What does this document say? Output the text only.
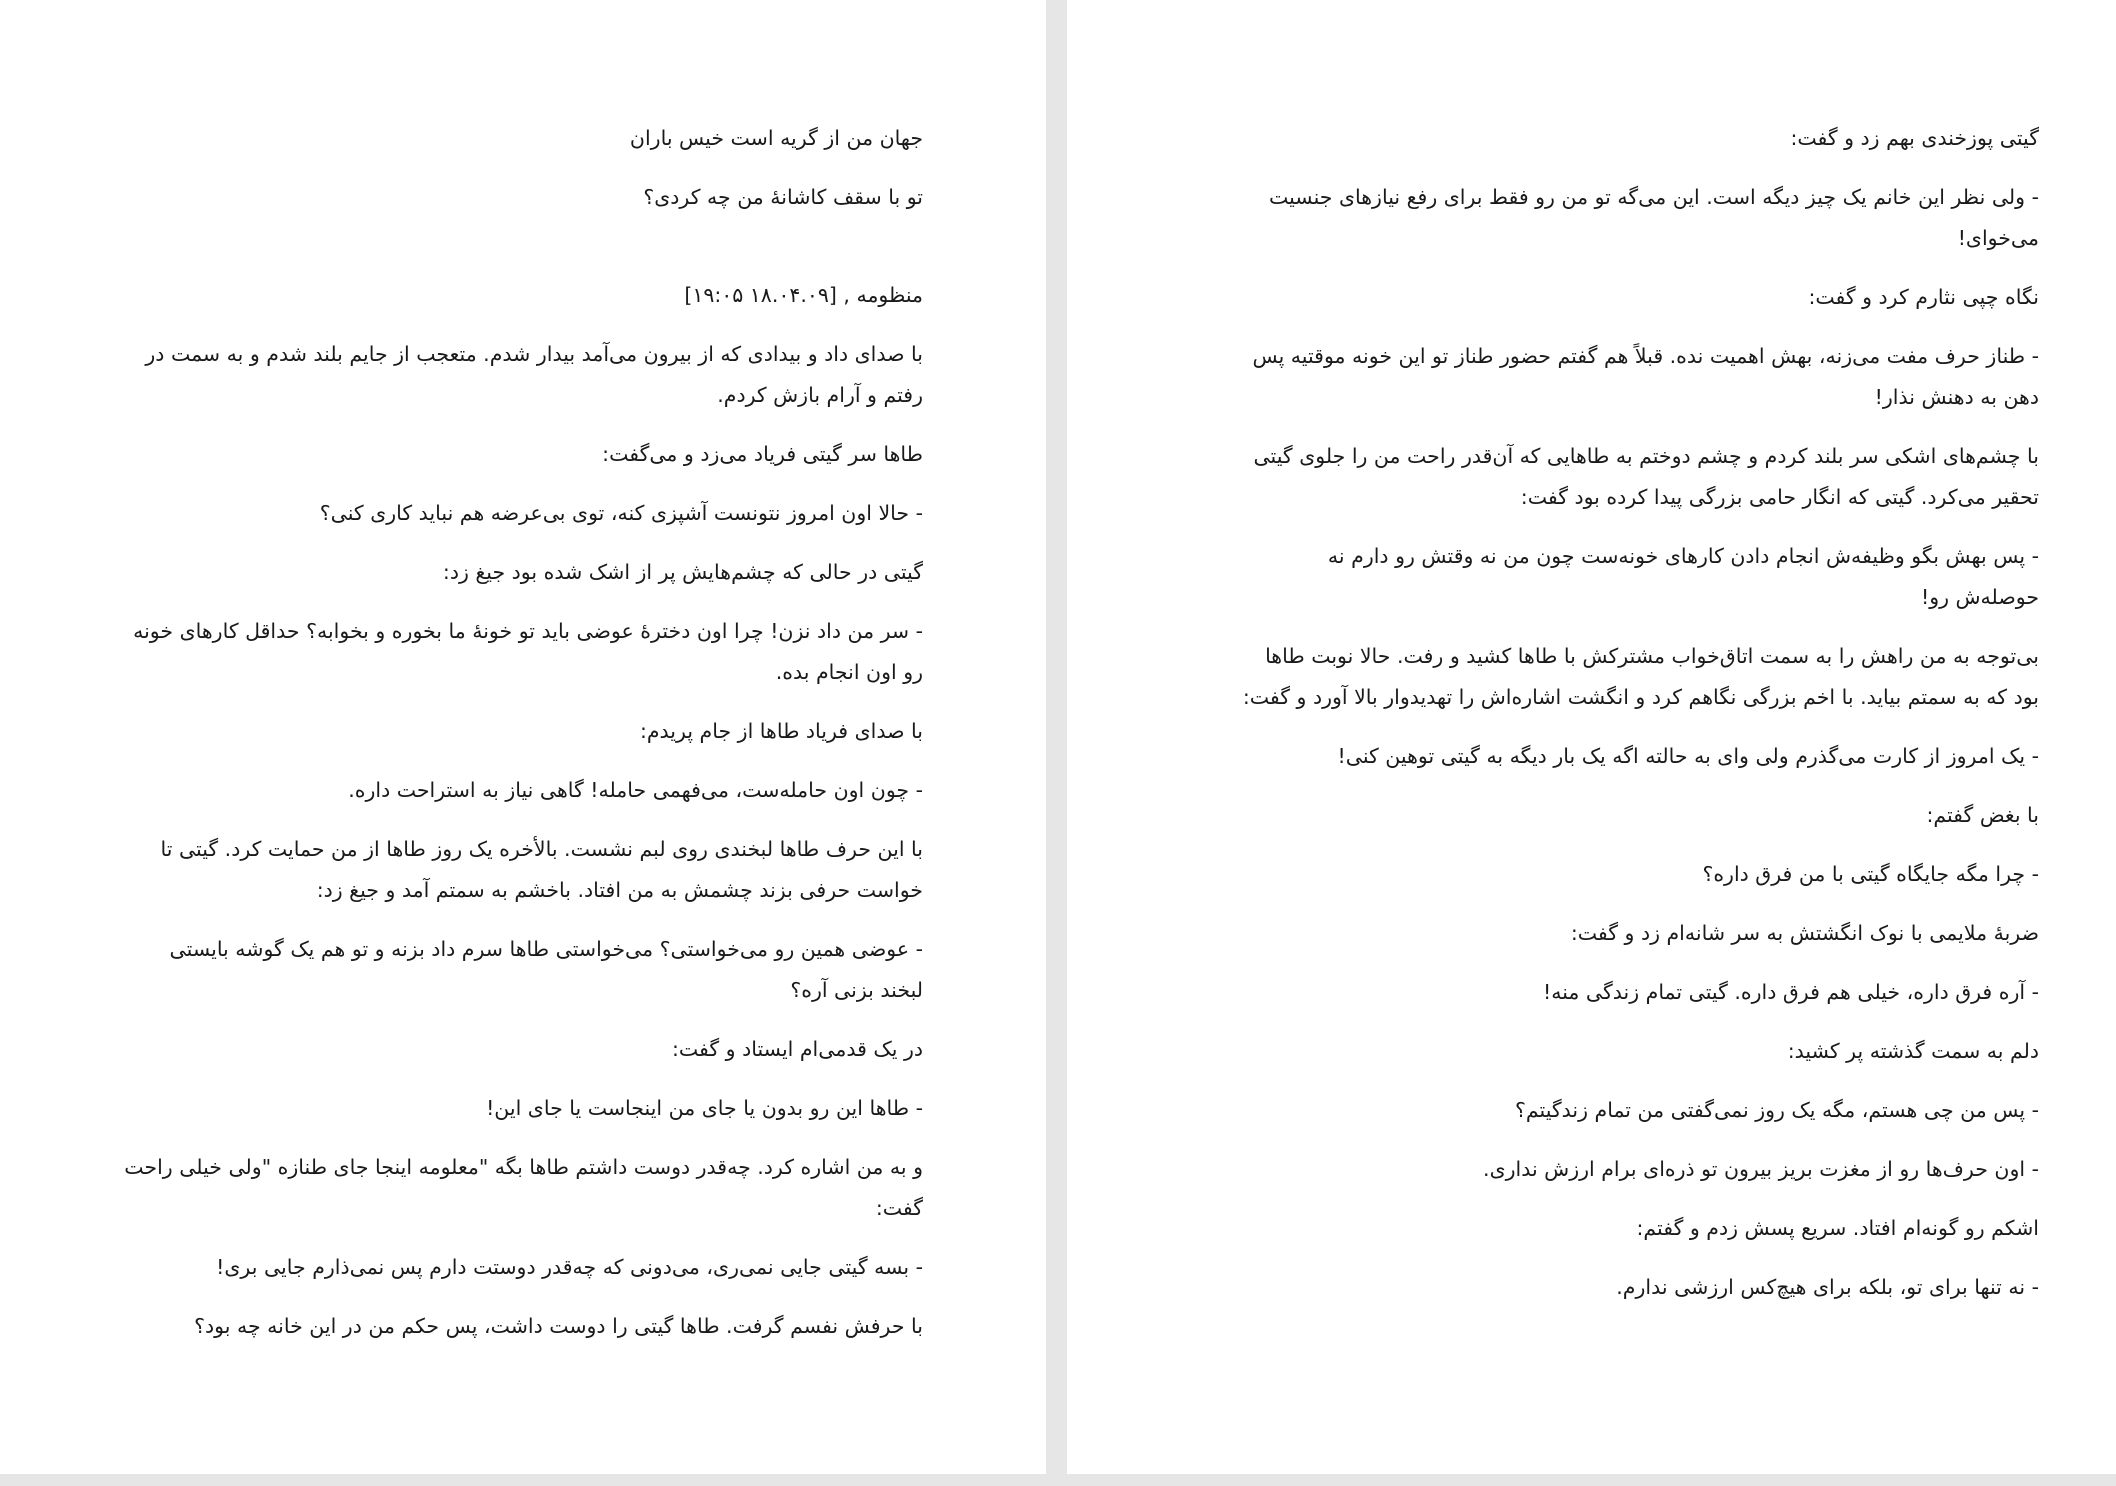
جهان من از گریه است خیس باران

تو با سقف کاشانهٔ من چه کردی؟

منظومه , [۱۸.۰۴.۰۹ ۱۹:۰۵]

با صدای داد و بیدادی که از بیرون می‌آمد بیدار شدم. متعجب از جایم بلند شدم و به سمت در رفتم و آرام بازش کردم.

طاها سر گیتی فریاد می‌زد و می‌گفت:

- حالا اون امروز نتونست آشپزی کنه، توی بی‌عرضه هم نباید کاری کنی؟

گیتی در حالی که چشم‌هایش پر از اشک شده بود جیغ زد:

- سر من داد نزن! چرا اون دخترهٔ عوضی باید تو خونهٔ ما بخوره و بخوابه؟ حداقل کارهای خونه رو اون انجام بده.

با صدای فریاد طاها از جام پریدم:

- چون اون حامله‌ست، می‌فهمی حامله! گاهی نیاز به استراحت داره.

با این حرف طاها لبخندی روی لبم نشست. بالأخره یک روز طاها از من حمایت کرد. گیتی تا خواست حرفی بزند چشمش به من افتاد. باخشم به سمتم آمد و جیغ زد:

- عوضی همین رو می‌خواستی؟ می‌خواستی طاها سرم داد بزنه و تو هم یک گوشه بایستی لبخند بزنی آره؟

در یک قدمی‌ام ایستاد و گفت:

- طاها این رو بدون یا جای من اینجاست یا جای این!

و به من اشاره کرد. چه‌قدر دوست داشتم طاها بگه "معلومه اینجا جای طنازه "ولی خیلی راحت گفت:

- بسه گیتی جایی نمی‌ری، می‌دونی که چه‌قدر دوستت دارم پس نمی‌ذارم جایی بری!

با حرفش نفسم گرفت. طاها گیتی را دوست داشت، پس حکم من در این خانه چه بود؟

گیتی پوزخندی بهم زد و گفت:

- ولی نظر این خانم یک چیز دیگه است. این می‌گه تو من رو فقط برای رفع نیازهای جنسیت می‌خوای!

نگاه چپی نثارم کرد و گفت:

- طناز حرف مفت می‌زنه، بهش اهمیت نده. قبلاً هم گفتم حضور طناز تو این خونه موقتیه پس دهن به دهنش نذار!

با چشم‌های اشکی سر بلند کردم و چشم دوختم به طاهایی که آن‌قدر راحت من را جلوی گیتی تحقیر می‌کرد. گیتی که انگار حامی بزرگی پیدا کرده بود گفت:

- پس بهش بگو وظیفه‌ش انجام دادن کارهای خونه‌ست چون من نه وقتش رو دارم نه حوصله‌ش رو!

بی‌توجه به من راهش را به سمت اتاق‌خواب مشترکش با طاها کشید و رفت. حالا نوبت طاها بود که به سمتم بیاید. با اخم بزرگی نگاهم کرد و انگشت اشاره‌اش را تهدیدوار بالا آورد و گفت:

- یک امروز از کارت می‌گذرم ولی وای به حالته اگه یک بار دیگه به گیتی توهین کنی!

با بغض گفتم:

- چرا مگه جایگاه گیتی با من فرق داره؟

ضربهٔ ملایمی با نوک انگشتش به سر شانه‌ام زد و گفت:

- آره فرق داره، خیلی هم فرق داره. گیتی تمام زندگی منه!

دلم به سمت گذشته پر کشید:

- پس من چی هستم، مگه یک روز نمی‌گفتی من تمام زندگیتم؟

- اون حرف‌ها رو از مغزت بریز بیرون تو ذره‌ای برام ارزش نداری.

اشکم رو گونه‌ام افتاد. سریع پسش زدم و گفتم:

- نه تنها برای تو، بلکه برای هیچ‌کس ارزشی ندارم.
